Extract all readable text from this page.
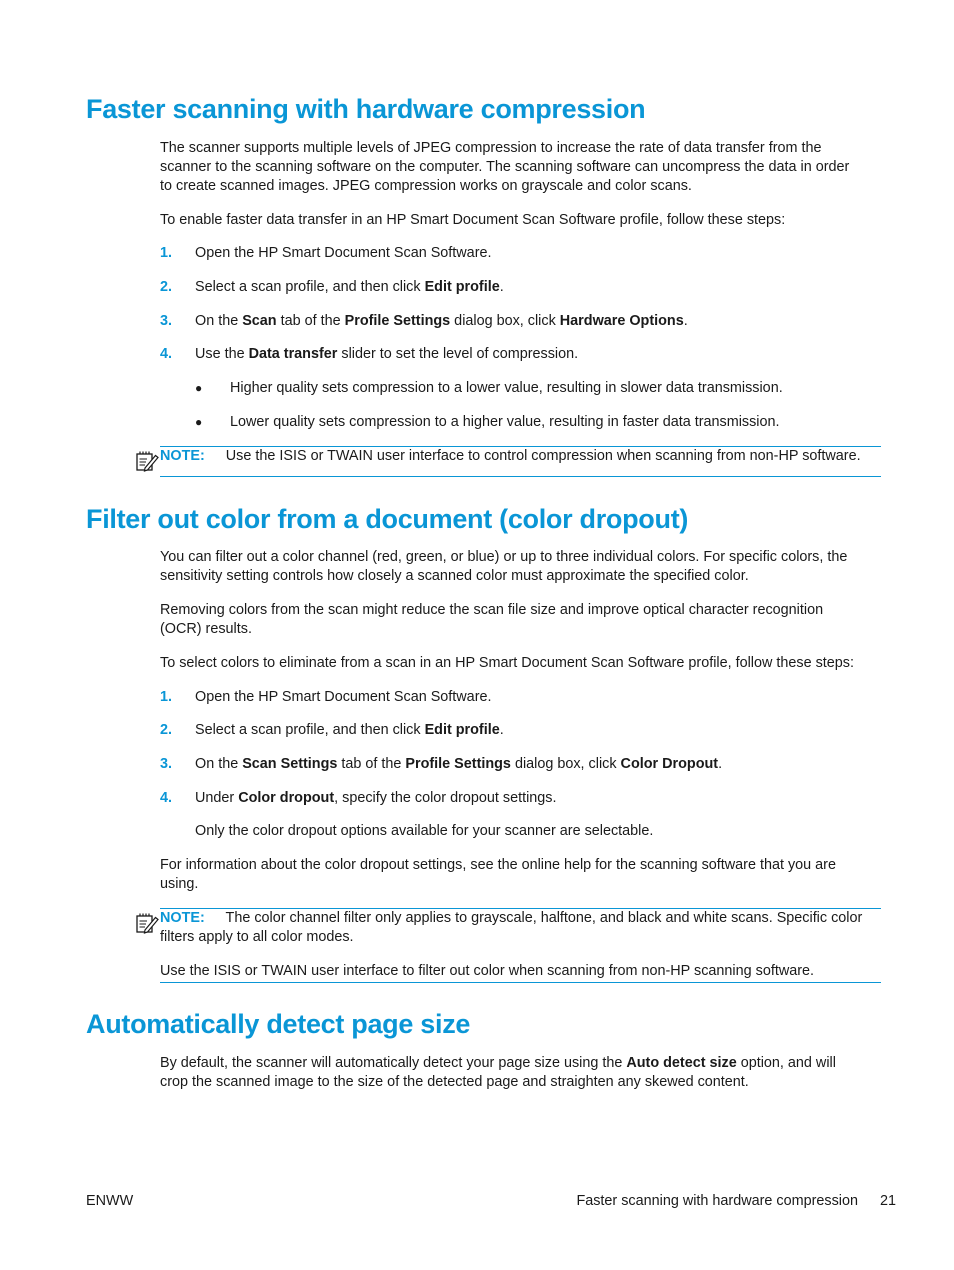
Faster scanning with hardware compression
The scanner supports multiple levels of JPEG compression to increase the rate of data transfer from the
scanner to the scanning software on the computer. The scanning software can uncompress the data in order
to create scanned images. JPEG compression works on grayscale and color scans.
To enable faster data transfer in an HP Smart Document Scan Software profile, follow these steps:
1. Open the HP Smart Document Scan Software.
2. Select a scan profile, and then click Edit profile.
3. On the Scan tab of the Profile Settings dialog box, click Hardware Options.
4. Use the Data transfer slider to set the level of compression.
● Higher quality sets compression to a lower value, resulting in slower data transmission.
● Lower quality sets compression to a higher value, resulting in faster data transmission.
NOTE: Use the ISIS or TWAIN user interface to control compression when scanning from non-HP software.
Filter out color from a document (color dropout)
You can filter out a color channel (red, green, or blue) or up to three individual colors. For specific colors, the
sensitivity setting controls how closely a scanned color must approximate the specified color.
Removing colors from the scan might reduce the scan file size and improve optical character recognition
(OCR) results.
To select colors to eliminate from a scan in an HP Smart Document Scan Software profile, follow these steps:
1. Open the HP Smart Document Scan Software.
2. Select a scan profile, and then click Edit profile.
3. On the Scan Settings tab of the Profile Settings dialog box, click Color Dropout.
4. Under Color dropout, specify the color dropout settings.
Only the color dropout options available for your scanner are selectable.
For information about the color dropout settings, see the online help for the scanning software that you are
using.
NOTE: The color channel filter only applies to grayscale, halftone, and black and white scans. Specific color
filters apply to all color modes.
Use the ISIS or TWAIN user interface to filter out color when scanning from non-HP scanning software.
Automatically detect page size
By default, the scanner will automatically detect your page size using the Auto detect size option, and will
crop the scanned image to the size of the detected page and straighten any skewed content.
ENWW	Faster scanning with hardware compression 21
